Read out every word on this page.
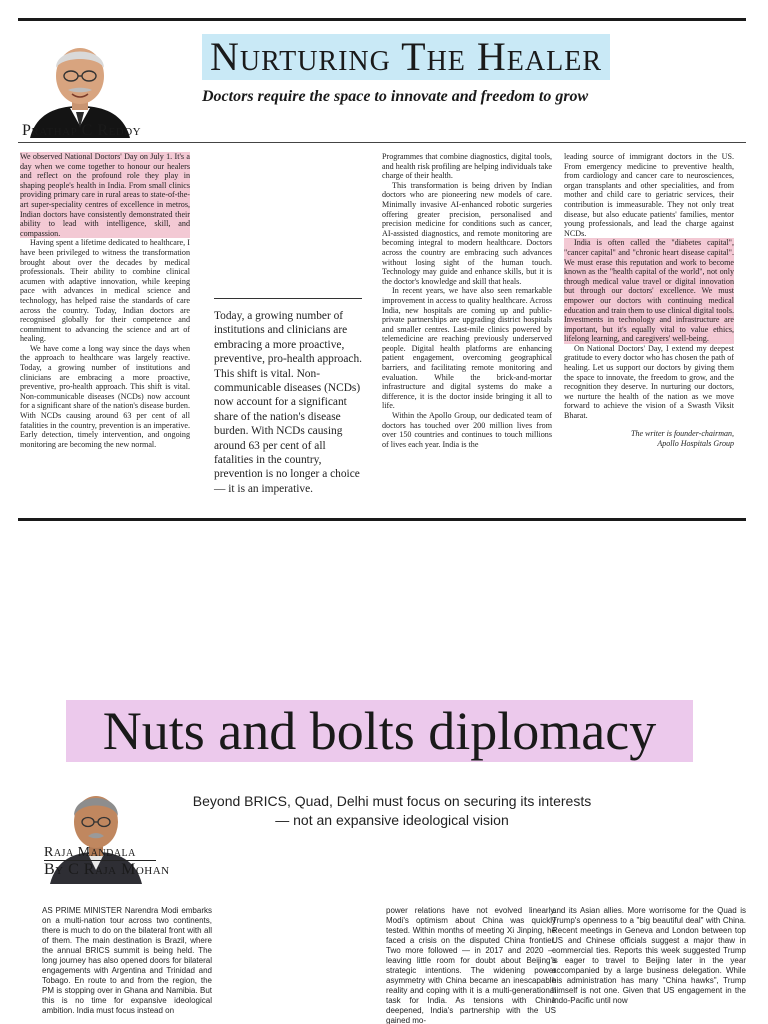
Nurturing The Healer
Doctors require the space to innovate and freedom to grow
Prathap C Reddy

We observed National Doctors' Day on July 1. It's a day when we come together to honour our healers and reflect on the profound role they play in shaping people's health in India. From small clinics providing primary care in rural areas to state-of-the-art super-speciality centres of excellence in metros, Indian doctors have consistently demonstrated their ability to lead with intelligence, skill, and compassion.

Having spent a lifetime dedicated to healthcare, I have been privileged to witness the transformation brought about over the decades by medical professionals. Their ability to combine clinical acumen with adaptive innovation, while keeping pace with advances in medical science and technology, has helped raise the standards of care across the country. Today, Indian doctors are recognised globally for their competence and commitment to advancing the science and art of healing.

We have come a long way since the days when the approach to healthcare was largely reactive. Today, a growing number of institutions and clinicians are embracing a more proactive, preventive, pro-health approach. This shift is vital. Non-communicable diseases (NCDs) now account for a significant share of the nation's disease burden. With NCDs causing around 63 per cent of all fatalities in the country, prevention is an imperative. Early detection, timely intervention, and ongoing monitoring are becoming the new normal.

Today, a growing number of institutions and clinicians are embracing a more proactive, preventive, pro-health approach. This shift is vital. Non-communicable diseases (NCDs) now account for a significant share of the nation's disease burden. With NCDs causing around 63 per cent of all fatalities in the country, prevention is no longer a choice — it is an imperative.

Programmes that combine diagnostics, digital tools, and health risk profiling are helping individuals take charge of their health.

This transformation is being driven by Indian doctors who are pioneering new models of care. Minimally invasive AI-enhanced robotic surgeries offering greater precision, personalised and precision medicine for conditions such as cancer, AI-assisted diagnostics, and remote monitoring are becoming integral to modern healthcare. Doctors across the country are embracing such advances without losing sight of the human touch. Technology may guide and enhance skills, but it is the doctor's knowledge and skill that heals.

In recent years, we have also seen remarkable improvement in access to quality healthcare. Across India, new hospitals are coming up and public-private partnerships are upgrading district hospitals and smaller centres. Last-mile clinics powered by telemedicine are reaching previously underserved people. Digital health platforms are enhancing patient engagement, overcoming geographical barriers, and facilitating remote monitoring and evaluation. While the brick-and-mortar infrastructure and digital systems do make a difference, it is the doctor inside bringing it all to life.

Within the Apollo Group, our dedicated team of doctors has touched over 200 million lives from over 150 countries and continues to touch millions of lives each year. India is the

leading source of immigrant doctors in the US. From emergency medicine to preventive health, from cardiology and cancer care to neurosciences, organ transplants and other specialities, and from mother and child care to geriatric services, their contribution is immeasurable. They not only treat disease, but also educate patients' families, mentor young professionals, and lead the charge against NCDs.

India is often called the "diabetes capital", "cancer capital" and "chronic heart disease capital". We must erase this reputation and work to become known as the "health capital of the world", not only through medical value travel or digital innovation but through our doctors' excellence. We must empower our doctors with continuing medical education and train them to use clinical digital tools. Investments in technology and infrastructure are important, but it's equally vital to value ethics, lifelong learning, and caregivers' well-being.

On National Doctors' Day, I extend my deepest gratitude to every doctor who has chosen the path of healing. Let us support our doctors by giving them the space to innovate, the freedom to grow, and the recognition they deserve. In nurturing our doctors, we nurture the health of the nation as we move forward to achieve the vision of a Swasth Viksit Bharat.

The writer is founder-chairman,
Apollo Hospitals Group
Nuts and bolts diplomacy
Beyond BRICS, Quad, Delhi must focus on securing its interests — not an expansive ideological vision
Raja Mandala
By C Raja Mohan

AS PRIME MINISTER Narendra Modi embarks on a multi-nation tour across two continents, there is much to do on the bilateral front with all of them. The main destination is Brazil, where the annual BRICS summit is being held. The long journey has also opened doors for bilateral engagements with Argentina and Trinidad and Tobago. En route to and from the region, the PM is stopping over in Ghana and Namibia. But this is no time for expansive ideological ambition. India must focus instead on

power relations have not evolved linearly. Modi's optimism about China was quickly tested. Within months of meeting Xi Jinping, he faced a crisis on the disputed China frontier. Two more followed — in 2017 and 2020 — leaving little room for doubt about Beijing's strategic intentions. The widening power asymmetry with China became an inescapable reality and coping with it is a multi-generational task for India. As tensions with China deepened, India's partnership with the US gained mo-

and its Asian allies. More worrisome for the Quad is Trump's openness to a "big beautiful deal" with China. Recent meetings in Geneva and London between top US and Chinese officials suggest a major thaw in commercial ties. Reports this week suggested Trump is eager to travel to Beijing later in the year accompanied by a large business delegation. While his administration has many "China hawks", Trump himself is not one. Given that US engagement in the Indo-Pacific until now
